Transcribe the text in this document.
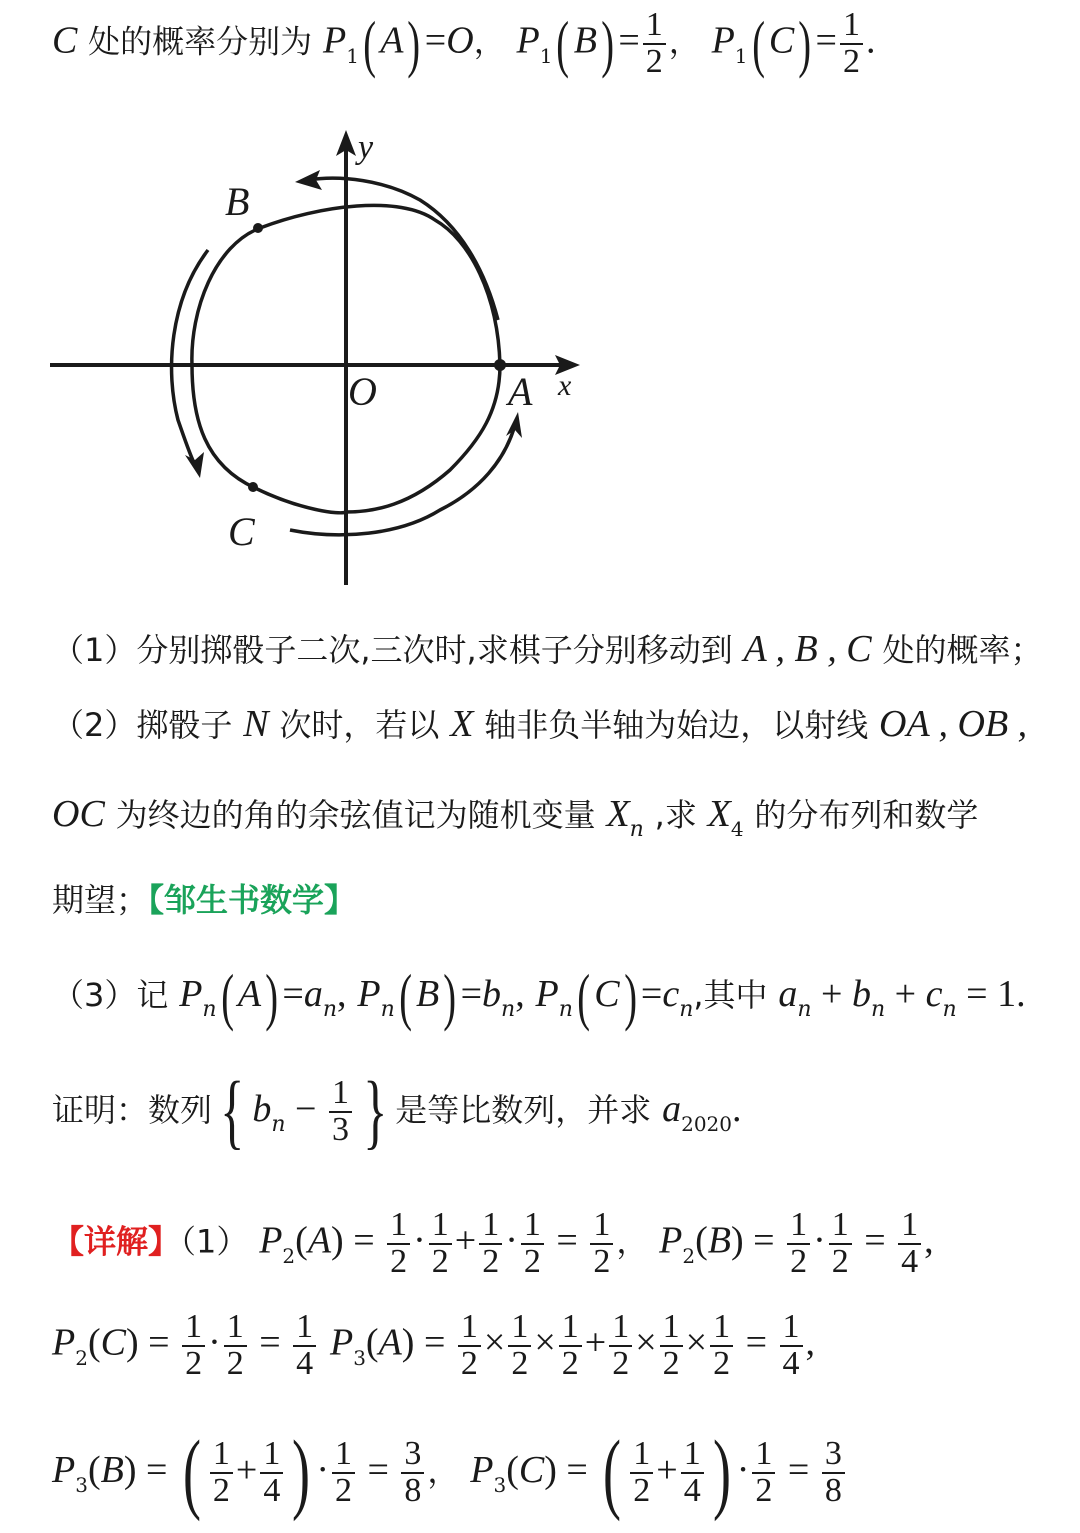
C 处的概率分别为 $P_1$( A) =O， $P_1$( $B) = \frac{1}{2}$ ， $P_1$( $C) = \frac{1}{2}$ .
y
x
O	A
B
C
（1）分别掷骰子二次,三次时,求棋子分别移动到 A , B , C 处的概率；
（2）掷骰子 N 次时，若以 X 轴非负半轴为始边，以射线 OA , OB ,
OC 为终边的角的余弦值记为随机变量 $X_n$ ,求 $X_4$ 的分布列和数学
期望；【邹生书数学】
（3）记 $P_n$( $A) =a_n$, $P_n$( $B) =b_n$, $P_n$( $C) =c_n$,其中 $a_n + b_n + c_n = 1$.
证明：数列{ $b_n - \frac{1}{3}$ } 是等比数列，并求 $a_{2020}$.
【详解】（1） $P_2(A) = \frac{1}{2} \cdot \frac{1}{2} + \frac{1}{2} \cdot \frac{1}{2} = \frac{1}{2}$ ， $P_2(B) = \frac{1}{2} \cdot \frac{1}{2} = \frac{1}{4}$ ,
$P_2(C) = \frac{1}{2} \cdot \frac{1}{2} = \frac{1}{4} P_3(A) = \frac{1}{2} \times \frac{1}{2} \times \frac{1}{2} + \frac{1}{2} \times \frac{1}{2} \times \frac{1}{2} = \frac{1}{4}$ ,
$P_3(B)$ = ( $\frac{1}{2} + \frac{1}{4}$ ) · $\frac{1}{2} = \frac{3}{8}$ ， $P_3(C)$ = ( $\frac{1}{2} + \frac{1}{4}$ ) · $\frac{1}{2} = \frac{3}{8}$
